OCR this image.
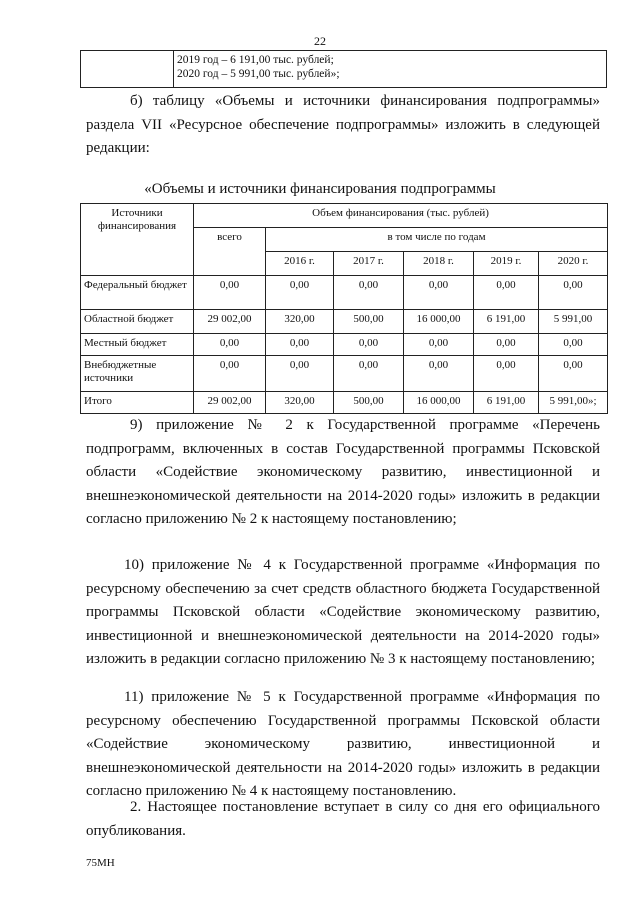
22

2019 год – 6 191,00 тыс. рублей;
2020 год – 5 991,00 тыс. рублей»;
б) таблицу «Объемы и источники финансирования подпрограммы» раздела VII «Ресурсное обеспечение подпрограммы» изложить в следующей редакции:
«Объемы и источники финансирования подпрограммы
Источники финансирования	Объем финансирования (тыс. рублей)					
	всего	в том числе по годам				
		2016 г.	2017 г.	2018 г.	2019 г.	2020 г.
Федеральный бюджет	0,00	0,00	0,00	0,00	0,00	0,00
Областной бюджет	29 002,00	320,00	500,00	16 000,00	6 191,00	5 991,00
Местный бюджет	0,00	0,00	0,00	0,00	0,00	0,00
Внебюджетные источники	0,00	0,00	0,00	0,00	0,00	0,00
Итого	29 002,00	320,00	500,00	16 000,00	6 191,00	5 991,00»;
9) приложение № 2 к Государственной программе «Перечень подпрограмм, включенных в состав Государственной программы Псковской области «Содействие экономическому развитию, инвестиционной и внешнеэкономической деятельности на 2014-2020 годы» изложить в редакции согласно приложению № 2 к настоящему постановлению;
10) приложение № 4 к Государственной программе «Информация по ресурсному обеспечению за счет средств областного бюджета Государственной программы Псковской области «Содействие экономическому развитию, инвестиционной и внешнеэкономической деятельности на 2014-2020 годы» изложить в редакции согласно приложению № 3 к настоящему постановлению;
11) приложение № 5 к Государственной программе «Информация по ресурсному обеспечению Государственной программы Псковской области «Содействие экономическому развитию, инвестиционной и внешнеэкономической деятельности на 2014-2020 годы» изложить в редакции согласно приложению № 4 к настоящему постановлению.
2. Настоящее постановление вступает в силу со дня его официального опубликования.
75МН
